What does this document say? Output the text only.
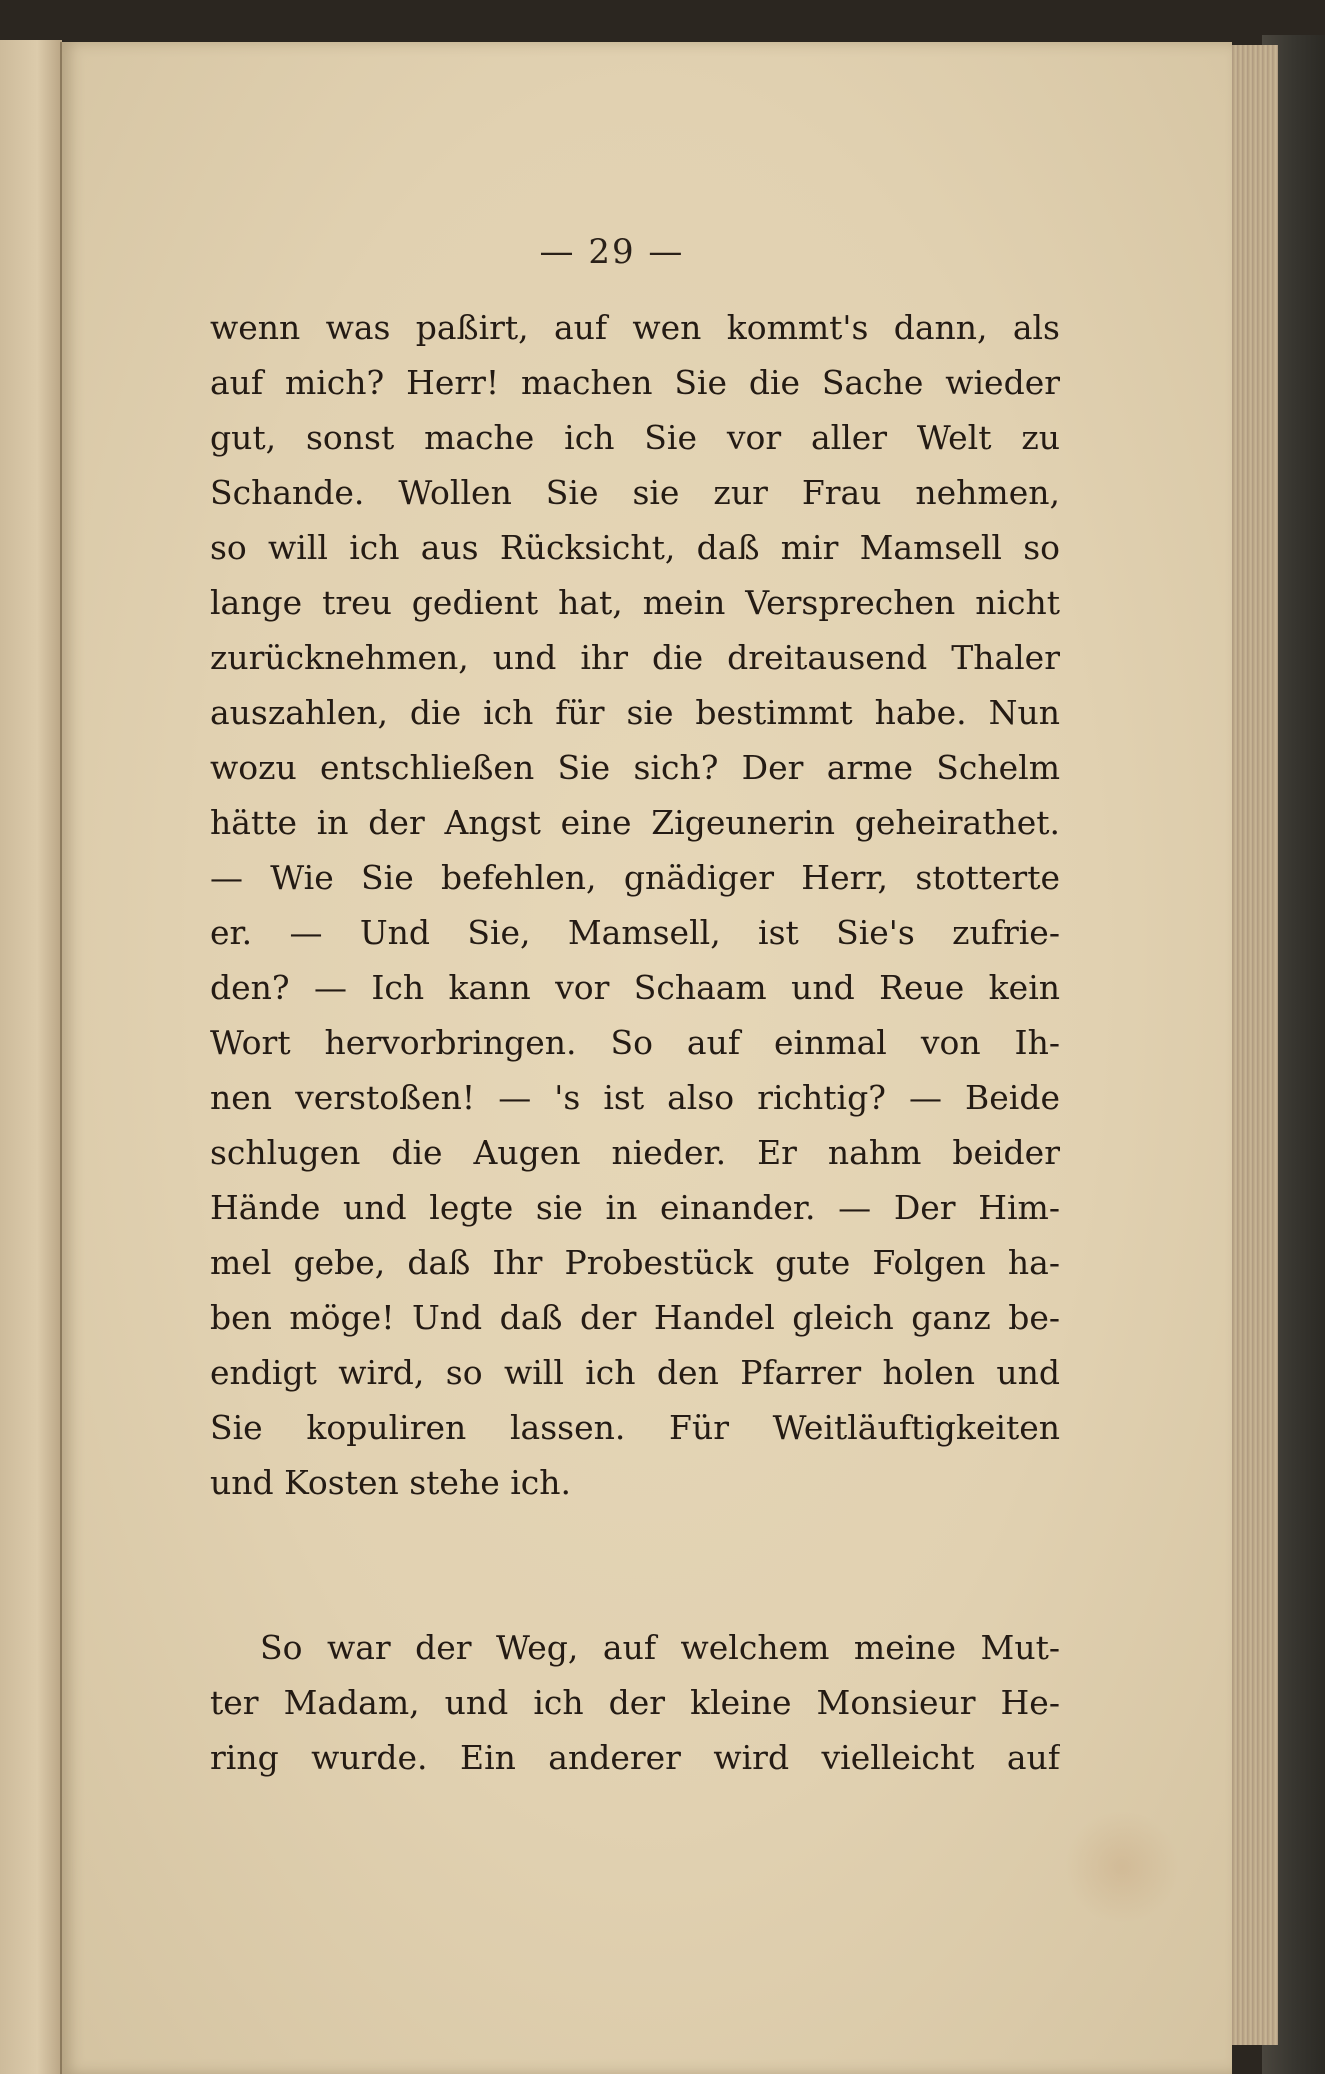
— 29 —
wenn was paßirt, auf wen kommt's dann, als
auf mich? Herr! machen Sie die Sache wieder
gut, sonst mache ich Sie vor aller Welt zu
Schande. Wollen Sie sie zur Frau nehmen,
so will ich aus Rücksicht, daß mir Mamsell so
lange treu gedient hat, mein Versprechen nicht
zurücknehmen, und ihr die dreitausend Thaler
auszahlen, die ich für sie bestimmt habe. Nun
wozu entschließen Sie sich? Der arme Schelm
hätte in der Angst eine Zigeunerin geheirathet.
— Wie Sie befehlen, gnädiger Herr, stotterte
er. — Und Sie, Mamsell, ist Sie's zufrie-
den? — Ich kann vor Schaam und Reue kein
Wort hervorbringen. So auf einmal von Ih-
nen verstoßen! — 's ist also richtig? — Beide
schlugen die Augen nieder. Er nahm beider
Hände und legte sie in einander. — Der Him-
mel gebe, daß Ihr Probestück gute Folgen ha-
ben möge! Und daß der Handel gleich ganz be-
endigt wird, so will ich den Pfarrer holen und
Sie kopuliren lassen. Für Weitläuftigkeiten
und Kosten stehe ich.
So war der Weg, auf welchem meine Mut-
ter Madam, und ich der kleine Monsieur He-
ring wurde. Ein anderer wird vielleicht auf
